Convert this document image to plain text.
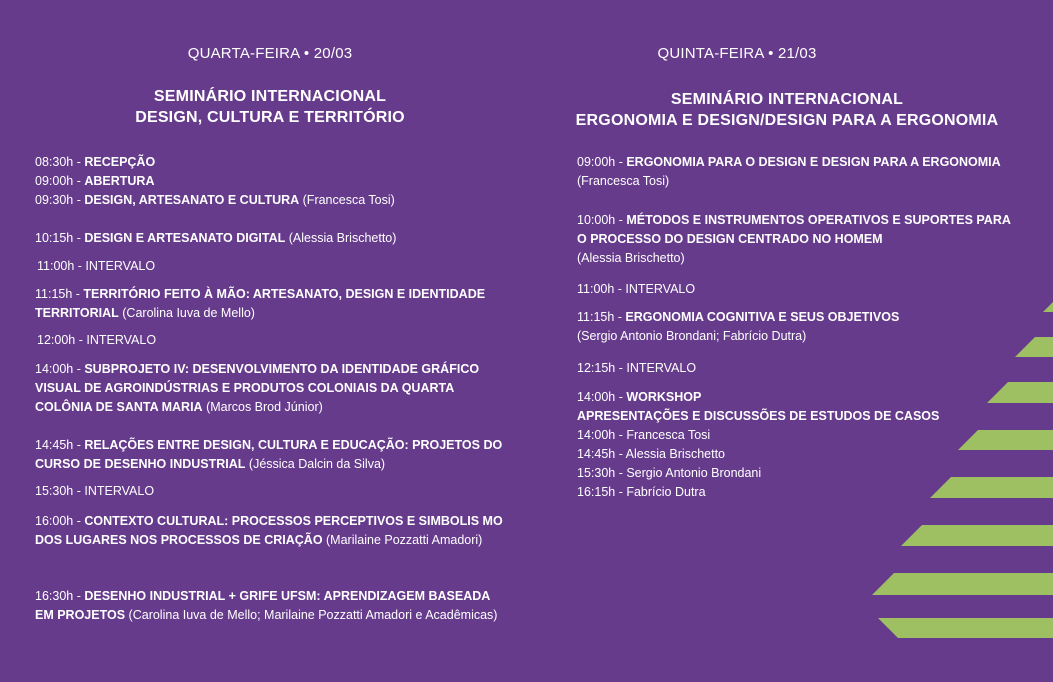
QUARTA-FEIRA • 20/03
SEMINÁRIO INTERNACIONAL
DESIGN, CULTURA E TERRITÓRIO
08:30h - RECEPÇÃO
09:00h - ABERTURA
09:30h - DESIGN, ARTESANATO E CULTURA (Francesca Tosi)
10:15h - DESIGN E ARTESANATO DIGITAL (Alessia Brischetto)
11:00h - INTERVALO
11:15h - TERRITÓRIO FEITO À MÃO: ARTESANATO, DESIGN E IDENTIDADE TERRITORIAL (Carolina Iuva de Mello)
12:00h - INTERVALO
14:00h - SUBPROJETO IV: DESENVOLVIMENTO DA IDENTIDADE GRÁFICO VISUAL DE AGROINDÚSTRIAS E PRODUTOS COLONIAIS DA QUARTA COLÔNIA DE SANTA MARIA (Marcos Brod Júnior)
14:45h - RELAÇÕES ENTRE DESIGN, CULTURA E EDUCAÇÃO: PROJETOS DO CURSO DE DESENHO INDUSTRIAL (Jéssica Dalcin da Silva)
15:30h - INTERVALO
16:00h - CONTEXTO CULTURAL: PROCESSOS PERCEPTIVOS E SIMBOLIS MO DOS LUGARES NOS PROCESSOS DE CRIAÇÃO (Marilaine Pozzatti Amadori)
16:30h - DESENHO INDUSTRIAL + GRIFE UFSM: APRENDIZAGEM BASEADA EM PROJETOS (Carolina Iuva de Mello; Marilaine Pozzatti Amadori e Acadêmicas)
QUINTA-FEIRA • 21/03
SEMINÁRIO INTERNACIONAL
ERGONOMIA E DESIGN/DESIGN PARA A ERGONOMIA
09:00h - ERGONOMIA PARA O DESIGN E DESIGN PARA A ERGONOMIA
(Francesca Tosi)
10:00h - MÉTODOS E INSTRUMENTOS OPERATIVOS E SUPORTES PARA O PROCESSO DO DESIGN CENTRADO NO HOMEM
(Alessia Brischetto)
11:00h - INTERVALO
11:15h - ERGONOMIA COGNITIVA E SEUS OBJETIVOS
(Sergio Antonio Brondani; Fabrício Dutra)
12:15h - INTERVALO
14:00h - WORKSHOP
APRESENTAÇÕES E DISCUSSÕES DE ESTUDOS DE CASOS
14:00h - Francesca Tosi
14:45h - Alessia Brischetto
15:30h - Sergio Antonio Brondani
16:15h - Fabrício Dutra
